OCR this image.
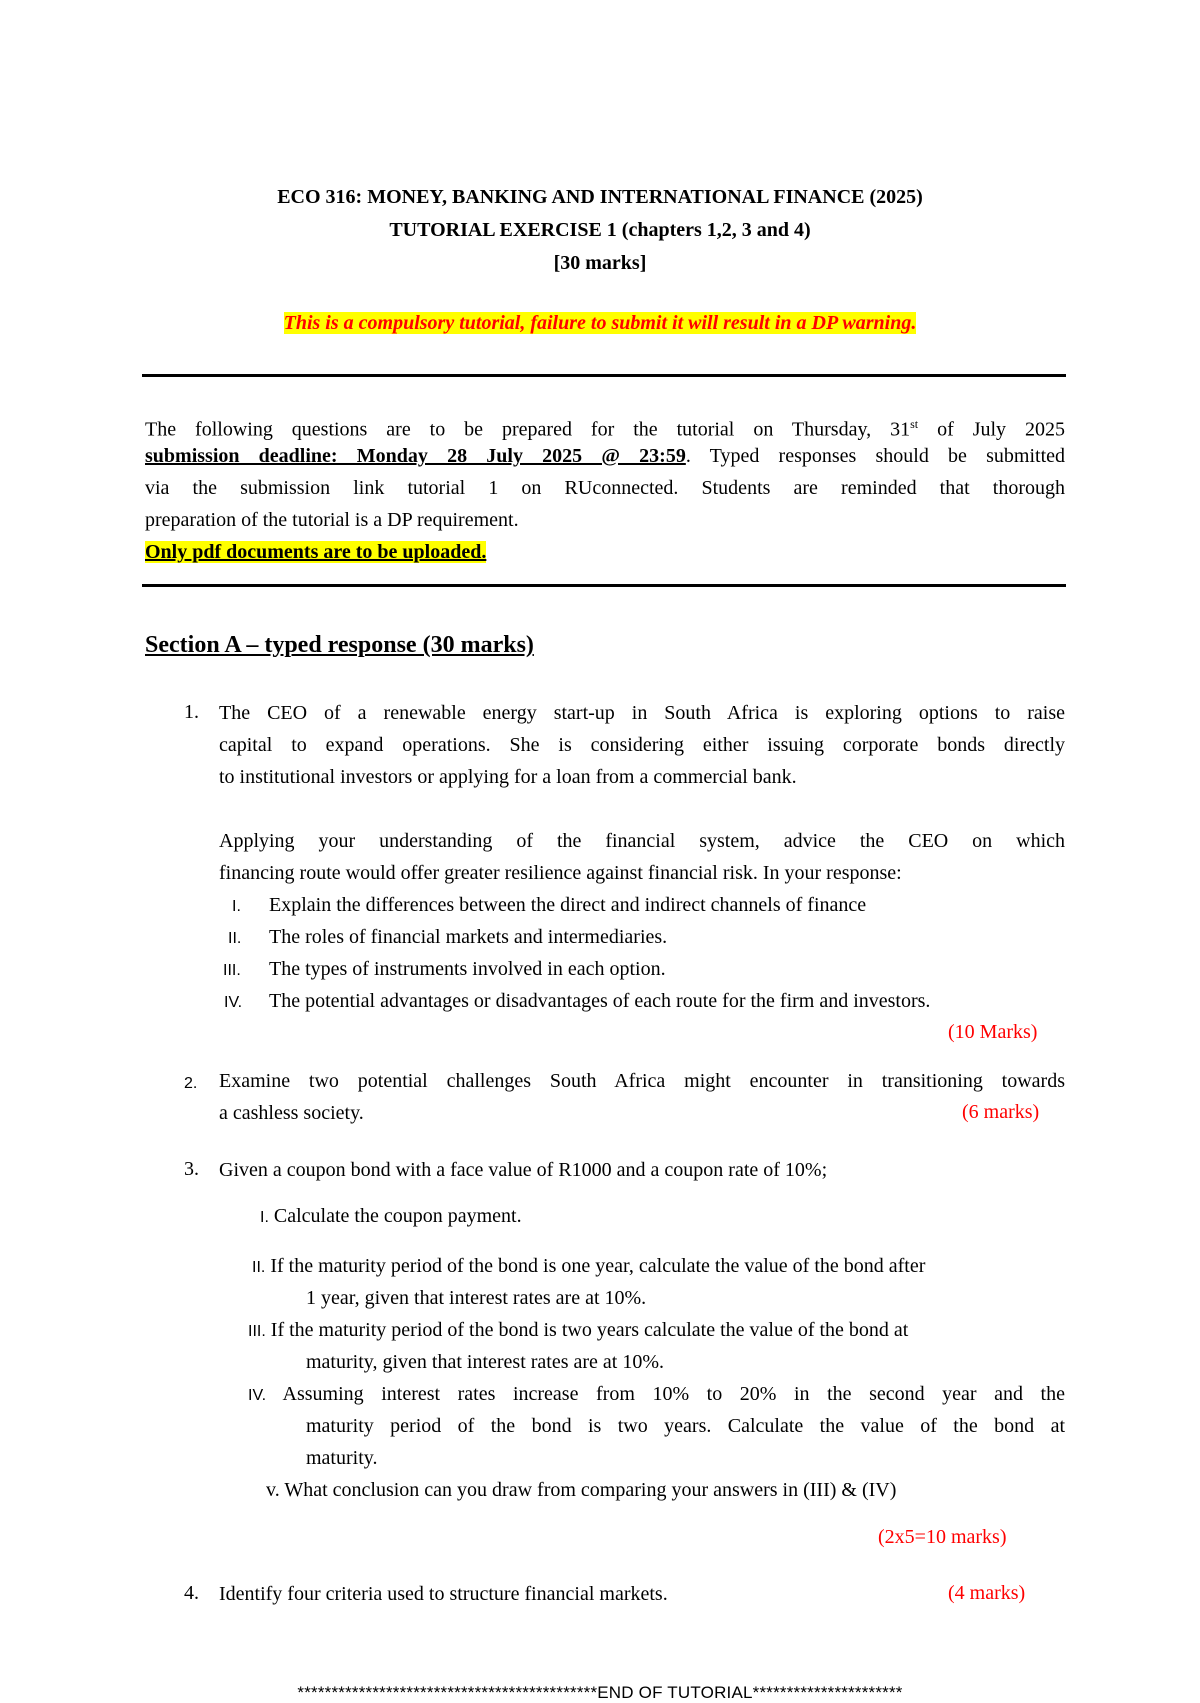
ECO 316: MONEY, BANKING AND INTERNATIONAL FINANCE (2025)
TUTORIAL EXERCISE 1 (chapters 1,2, 3 and 4)
[30 marks]
This is a compulsory tutorial, failure to submit it will result in a DP warning.
The following questions are to be prepared for the tutorial on Thursday, 31st of July 2025
submission deadline: Monday 28 July 2025 @ 23:59. Typed responses should be submitted
via the submission link tutorial 1 on RUconnected. Students are reminded that thorough
preparation of the tutorial is a DP requirement.
Only pdf documents are to be uploaded.
Section A – typed response (30 marks)
1. The CEO of a renewable energy start-up in South Africa is exploring options to raise
capital to expand operations. She is considering either issuing corporate bonds directly
to institutional investors or applying for a loan from a commercial bank.
Applying your understanding of the financial system, advice the CEO on which
financing route would offer greater resilience against financial risk. In your response:
I. Explain the differences between the direct and indirect channels of finance
II. The roles of financial markets and intermediaries.
III. The types of instruments involved in each option.
IV. The potential advantages or disadvantages of each route for the firm and investors.
(10 Marks)
2. Examine two potential challenges South Africa might encounter in transitioning towards
a cashless society.	(6 marks)
3. Given a coupon bond with a face value of R1000 and a coupon rate of 10%;
I. Calculate the coupon payment.
II. If the maturity period of the bond is one year, calculate the value of the bond after
1 year, given that interest rates are at 10%.
III. If the maturity period of the bond is two years calculate the value of the bond at
maturity, given that interest rates are at 10%.
IV. Assuming interest rates increase from 10% to 20% in the second year and the
maturity period of the bond is two years. Calculate the value of the bond at
maturity.
v. What conclusion can you draw from comparing your answers in (III) & (IV)
(2x5=10 marks)
4. Identify four criteria used to structure financial markets.	(4 marks)
********************************************END OF TUTORIAL**********************
